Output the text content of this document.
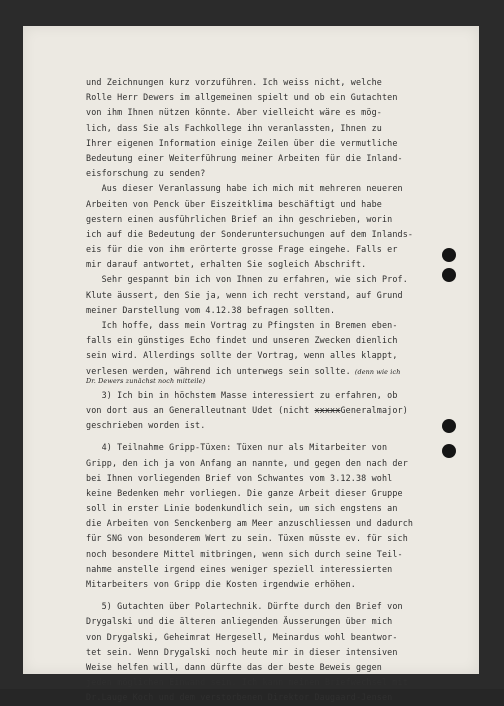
und Zeichnungen kurz vorzuführen. Ich weiss nicht, welche
Rolle Herr Dewers im allgemeinen spielt und ob ein Gutachten
von ihm Ihnen nützen könnte. Aber vielleicht wäre es mög-
lich, dass Sie als Fachkollege ihn veranlassten, Ihnen zu
Ihrer eigenen Information einige Zeilen über die vermutliche
Bedeutung einer Weiterführung meiner Arbeiten für die Inland-
eisforschung zu senden?
Aus dieser Veranlassung habe ich mich mit mehreren neueren
Arbeiten von Penck über Eiszeitklima beschäftigt und habe
gestern einen ausführlichen Brief an ihn geschrieben, worin
ich auf die Bedeutung der Sonderuntersuchungen auf dem Inlands-
eis für die von ihm erörterte grosse Frage eingehe. Falls er
mir darauf antwortet, erhalten Sie sogleich Abschrift.
Sehr gespannt bin ich von Ihnen zu erfahren, wie sich Prof.
Klute äussert, den Sie ja, wenn ich recht verstand, auf Grund
meiner Darstellung vom 4.12.38 befragen sollten.
Ich hoffe, dass mein Vortrag zu Pfingsten in Bremen eben-
falls ein günstiges Echo findet und unseren Zwecken dienlich
sein wird. Allerdings sollte der Vortrag, wenn alles klappt,
verlesen werden, während ich unterwegs sein sollte. (denn wie ich
Dr. Dewers zunächst noch mitteile)
3) Ich bin in höchstem Masse interessiert zu erfahren, ob
von dort aus an Generalleutnant Udet (nicht xxxxxGeneralmajor)
geschrieben worden ist.
4) Teilnahme Gripp-Tüxen: Tüxen nur als Mitarbeiter von
Gripp, den ich ja von Anfang an nannte, und gegen den nach der
bei Ihnen vorliegenden Brief von Schwantes vom 3.12.38 wohl
keine Bedenken mehr vorliegen. Die ganze Arbeit dieser Gruppe
soll in erster Linie bodenkundlich sein, um sich engstens an
die Arbeiten von Senckenberg am Meer anzuschliessen und dadurch
für SNG von besonderem Wert zu sein. Tüxen müsste ev. für sich
noch besondere Mittel mitbringen, wenn sich durch seine Teil-
nahme anstelle irgend eines weniger speziell interessierten
Mitarbeiters von Gripp die Kosten irgendwie erhöhen.
5) Gutachten über Polartechnik. Dürfte durch den Brief von
Drygalski und die älteren anliegenden Äusserungen über mich
von Drygalski, Geheimrat Hergesell, Meinardus wohl beantwor-
tet sein. Wenn Drygalski noch heute mir in dieser intensiven
Weise helfen will, dann dürfte das der beste Beweis gegen
jeden möglichen Einwand sein. Ich kann meinen Briefwechsel mit
Dr.Lauge Koch und dem verstorbenen Direktor Daugaard-Jensen
